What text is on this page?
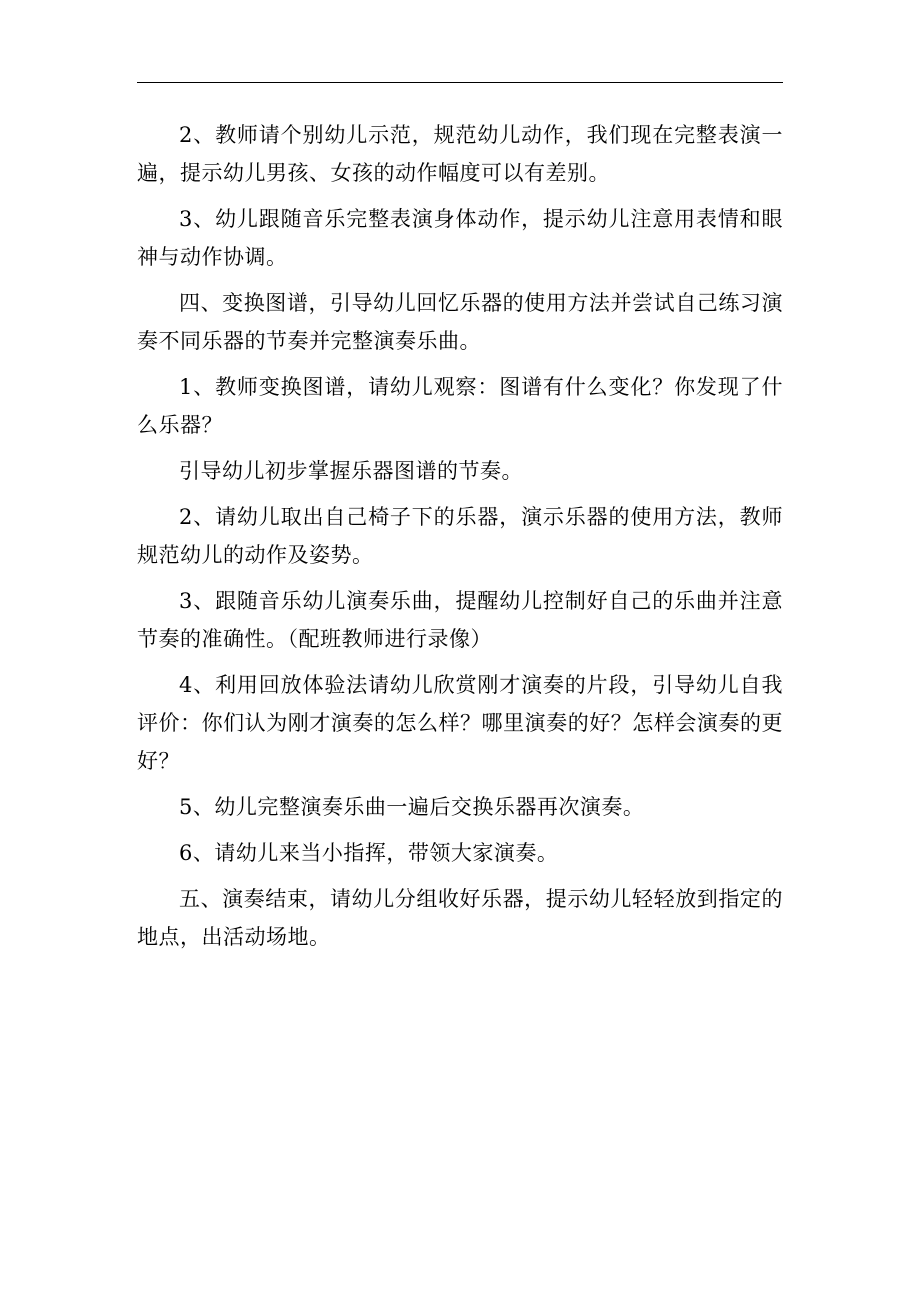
2、教师请个别幼儿示范，规范幼儿动作，我们现在完整表演一遍，提示幼儿男孩、女孩的动作幅度可以有差别。

3、幼儿跟随音乐完整表演身体动作，提示幼儿注意用表情和眼神与动作协调。

四、变换图谱，引导幼儿回忆乐器的使用方法并尝试自己练习演奏不同乐器的节奏并完整演奏乐曲。

1、教师变换图谱，请幼儿观察：图谱有什么变化？你发现了什么乐器？

引导幼儿初步掌握乐器图谱的节奏。

2、请幼儿取出自己椅子下的乐器，演示乐器的使用方法，教师规范幼儿的动作及姿势。

3、跟随音乐幼儿演奏乐曲，提醒幼儿控制好自己的乐曲并注意节奏的准确性。（配班教师进行录像）

4、利用回放体验法请幼儿欣赏刚才演奏的片段，引导幼儿自我评价：你们认为刚才演奏的怎么样？哪里演奏的好？怎样会演奏的更好？

5、幼儿完整演奏乐曲一遍后交换乐器再次演奏。

6、请幼儿来当小指挥，带领大家演奏。

五、演奏结束，请幼儿分组收好乐器，提示幼儿轻轻放到指定的地点，出活动场地。
